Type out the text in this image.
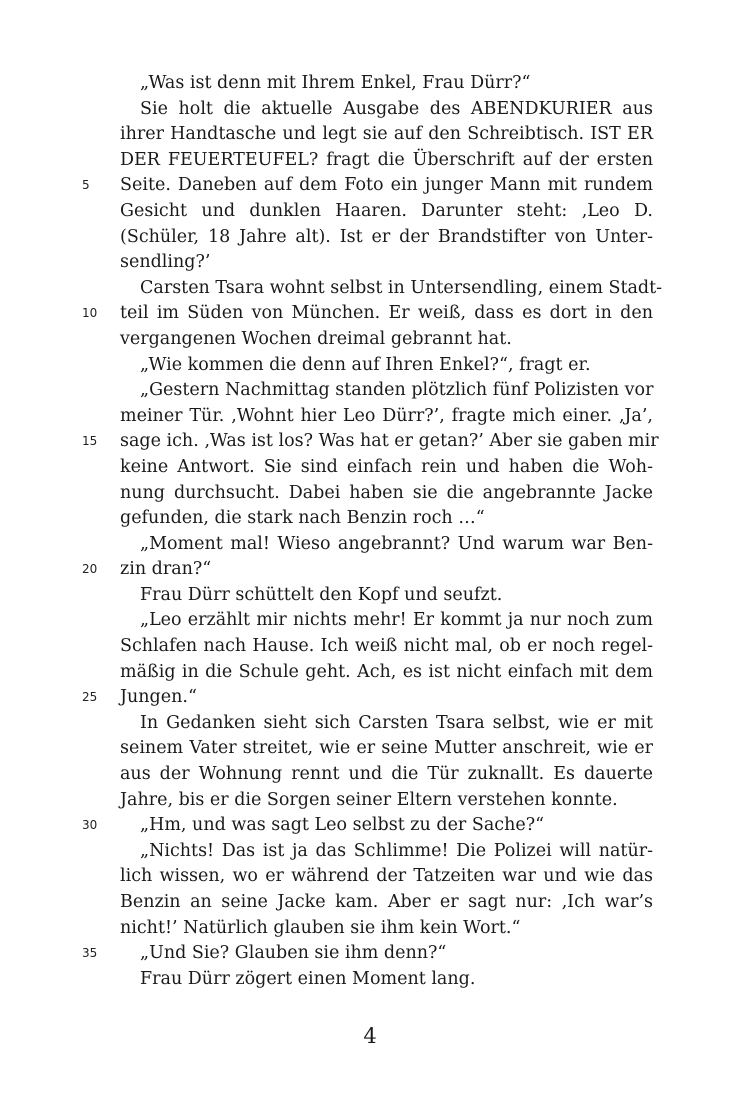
„Was ist denn mit Ihrem Enkel, Frau Dürr?“
Sie holt die aktuelle Ausgabe des ABENDKURIER aus
ihrer Handtasche und legt sie auf den Schreibtisch. IST ER
DER FEUERTEUFEL? fragt die Überschrift auf der ersten
Seite. Daneben auf dem Foto ein junger Mann mit rundem
5
Gesicht und dunklen Haaren. Darunter steht: ‚Leo D.
(Schüler, 18 Jahre alt). Ist er der Brandstifter von Unter-
sendling?’
Carsten Tsara wohnt selbst in Untersendling, einem Stadt-
teil im Süden von München. Er weiß, dass es dort in den
10
vergangenen Wochen dreimal gebrannt hat.
„Wie kommen die denn auf Ihren Enkel?“, fragt er.
„Gestern Nachmittag standen plötzlich fünf Polizisten vor
meiner Tür. ‚Wohnt hier Leo Dürr?’, fragte mich einer. ‚Ja’,
sage ich. ‚Was ist los? Was hat er getan?’ Aber sie gaben mir
15
keine Antwort. Sie sind einfach rein und haben die Woh-
nung durchsucht. Dabei haben sie die angebrannte Jacke
gefunden, die stark nach Benzin roch …“
„Moment mal! Wieso angebrannt? Und warum war Ben-
zin dran?“
20
Frau Dürr schüttelt den Kopf und seufzt.
„Leo erzählt mir nichts mehr! Er kommt ja nur noch zum
Schlafen nach Hause. Ich weiß nicht mal, ob er noch regel-
mäßig in die Schule geht. Ach, es ist nicht einfach mit dem
Jungen.“
25
In Gedanken sieht sich Carsten Tsara selbst, wie er mit
seinem Vater streitet, wie er seine Mutter anschreit, wie er
aus der Wohnung rennt und die Tür zuknallt. Es dauerte
Jahre, bis er die Sorgen seiner Eltern verstehen konnte.
„Hm, und was sagt Leo selbst zu der Sache?“
30
„Nichts! Das ist ja das Schlimme! Die Polizei will natür-
lich wissen, wo er während der Tatzeiten war und wie das
Benzin an seine Jacke kam. Aber er sagt nur: ‚Ich war’s
nicht!’ Natürlich glauben sie ihm kein Wort.“
„Und Sie? Glauben sie ihm denn?“
35
Frau Dürr zögert einen Moment lang.
4
